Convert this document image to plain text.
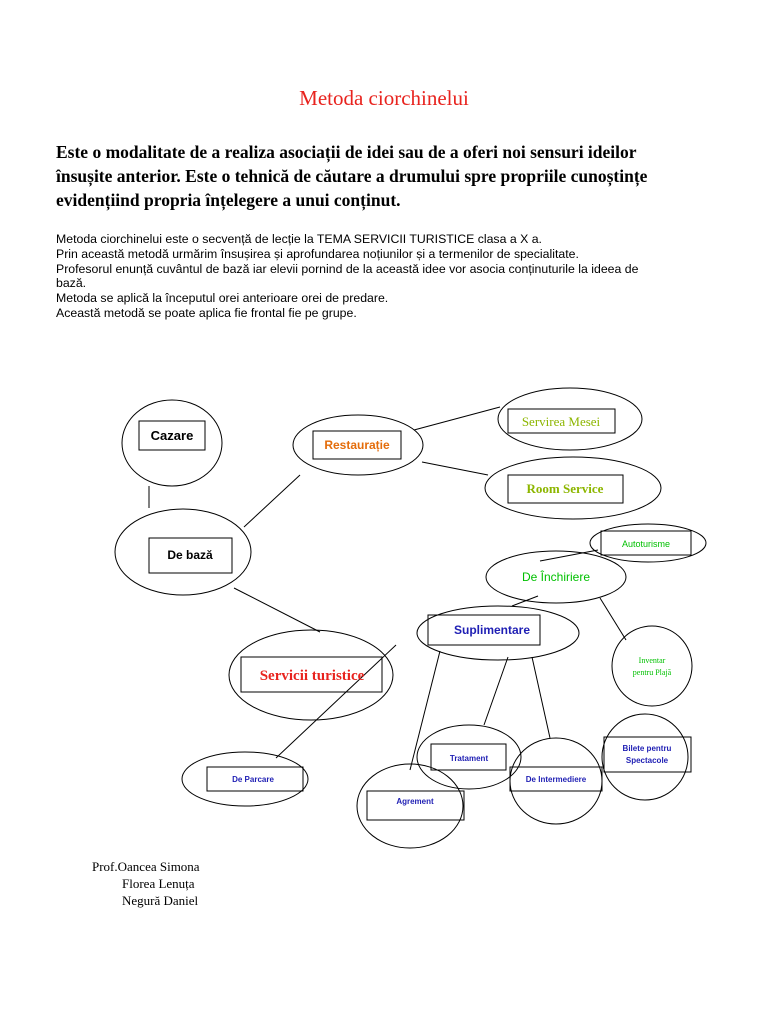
Metoda ciorchinelui

Este o modalitate de a realiza asociații de idei sau de a oferi noi sensuri ideilor

însușite anterior. Este o tehnică de căutare a drumului spre propriile cunoștințe

evidențiind propria înțelegere a unui conținut.

Metoda ciorchinelui este o secvență de lecție la TEMA SERVICII TURISTICE clasa a X a.

Prin această metodă urmărim însușirea și aprofundarea noțiunilor și a termenilor de specialitate.

Profesorul enunță cuvântul de bază iar elevii pornind de la această idee vor asocia conținuturile la ideea de

bază.

Metoda se aplică la începutul orei anterioare orei de predare.

Această metodă se poate aplica fie frontal fie pe grupe.

Cazare
Restaurație
Servirea Mesei
Room Service
De bază
Autoturisme
De Închiriere
Suplimentare
Servicii turistice
Inventar
pentru Plajă
Tratament
Bilete pentru
Spectacole
De Parcare	De Intermediere
Agrement

Prof.Oancea Simona

Florea Lenuța

Negură Daniel
